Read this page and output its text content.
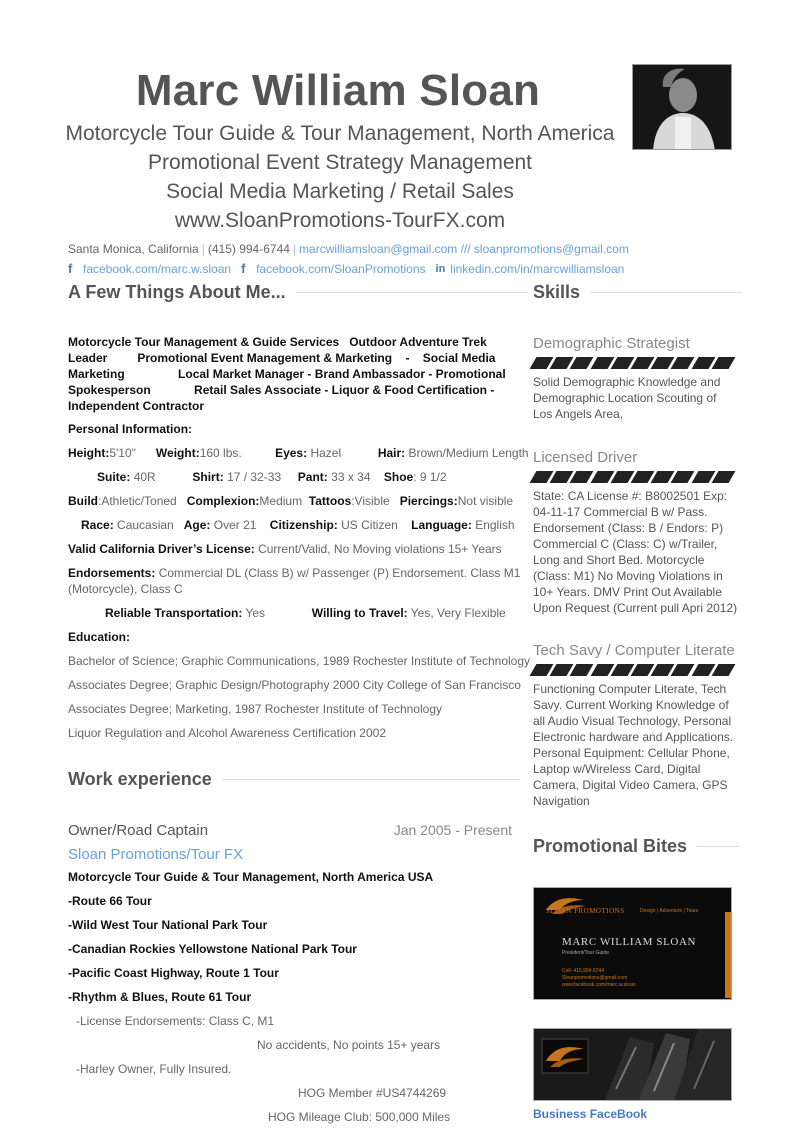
Marc William Sloan
Motorcycle Tour Guide & Tour Management, North America
Promotional Event Strategy Management
Social Media Marketing / Retail Sales
www.SloanPromotions-TourFX.com
Santa Monica, California | (415) 994-6744 | marcwilliamsloan@gmail.com /// sloanpromotions@gmail.com
f facebook.com/marc.w.sloan f facebook.com/SloanPromotions in linkedin.com/in/marcwilliamsloan
A Few Things About Me...

Motorcycle Tour Management & Guide Services Outdoor Adventure Trek

Leader	Promotional Event Management & Marketing - Social Media

Marketing	Local Market Manager - Brand Ambassador - Promotional

Spokesperson	Retail Sales Associate - Liquor & Food Certification -

Independent Contractor

Personal Information:
Height:5'10" Weight:160 lbs.	Eyes: Hazel	Hair: Brown/Medium Length
Suite: 40R	Shirt: 17 / 32-33 Pant: 33 x 34 Shoe: 9 1/2
Build:Athletic/Toned Complexion:Medium Tattoos:Visible Piercings:Not visible
Race: Caucasian Age: Over 21 Citizenship: US Citizen Language: English
Valid California Driver’s License: Current/Valid, No Moving violations 15+ Years
Endorsements: Commercial DL (Class B) w/ Passenger (P) Endorsement. Class M1
(Motorcycle), Class C
Reliable Transportation: Yes	Willing to Travel: Yes, Very Flexible
Education:
Bachelor of Science; Graphic Communications, 1989 Rochester Institute of Technology
Associates Degree; Graphic Design/Photography 2000 City College of San Francisco
Associates Degree; Marketing, 1987 Rochester Institute of Technology
Liquor Regulation and Alcohol Awareness Certification 2002
Work experience
Owner/Road Captain	Jan 2005 - Present
Sloan Promotions/Tour FX
Motorcycle Tour Guide & Tour Management, North America USA
-Route 66 Tour
-Wild West Tour National Park Tour
-Canadian Rockies Yellowstone National Park Tour
-Pacific Coast Highway, Route 1 Tour
-Rhythm & Blues, Route 61 Tour
-License Endorsements: Class C, M1
No accidents, No points 15+ years
-Harley Owner, Fully Insured.
HOG Member #US4744269
HOG Mileage Club: 500,000 Miles
Skills
Demographic Strategist
Solid Demographic Knowledge and Demographic Location Scouting of Los Angels Area,
Licensed Driver
State: CA License #: B8002501 Exp: 04-11-17 Commercial B w/ Pass. Endorsement (Class: B / Endors: P) Commercial C (Class: C) w/Trailer, Long and Short Bed. Motorcycle (Class: M1) No Moving Violations in 10+ Years. DMV Print Out Available Upon Request (Current pull Apri 2012)
Tech Savy / Computer Literate
Functioning Computer Literate, Tech Savy. Current Working Knowledge of all Audio Visual Technology, Personal Electronic hardware and Applications. Personal Equipment: Cellular Phone, Laptop w/Wireless Card, Digital Camera, Digital Video Camera, GPS Navigation
Promotional Bites
SLOAN PROMOTIONS	Design | Adventure | Tours
MARC WILLIAM SLOAN
President/Tour Guide
Cell: 415.994.6744
Sloanpromotions@gmail.com
www.facebook.com/marc.w.sloan
Business FaceBook
